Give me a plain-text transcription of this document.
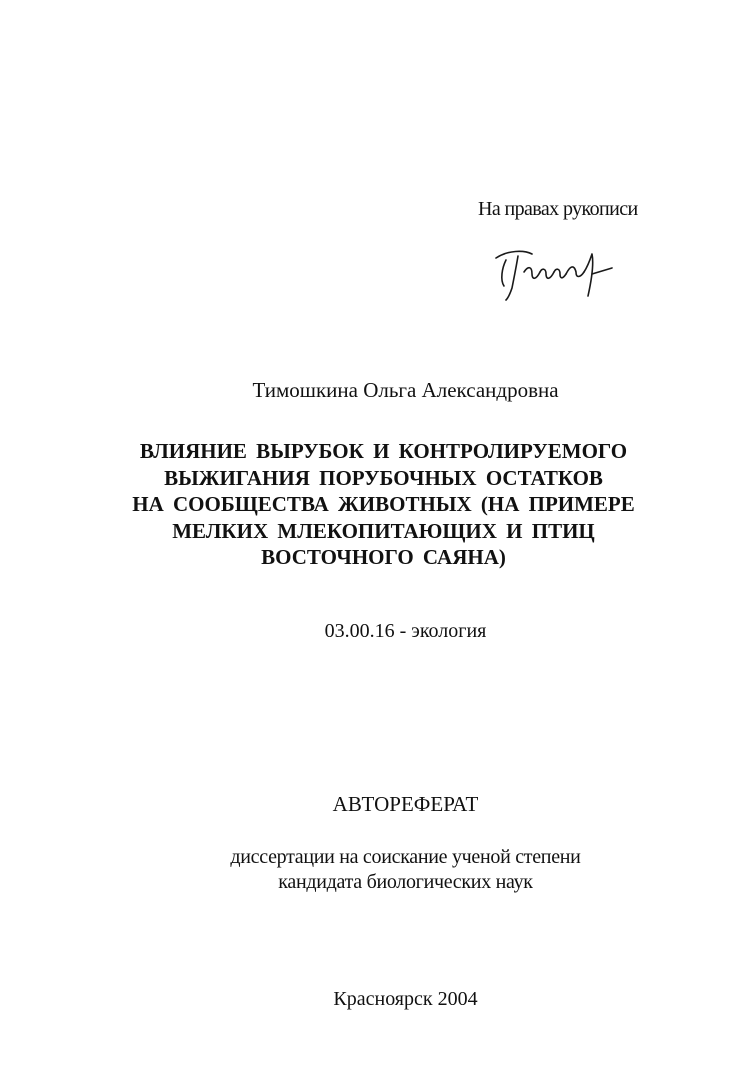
На правах рукописи
Тимошкина Ольга Александровна
ВЛИЯНИЕ ВЫРУБОК И КОНТРОЛИРУЕМОГО
ВЫЖИГАНИЯ ПОРУБОЧНЫХ ОСТАТКОВ
НА СООБЩЕСТВА ЖИВОТНЫХ (НА ПРИМЕРЕ
МЕЛКИХ МЛЕКОПИТАЮЩИХ И ПТИЦ
ВОСТОЧНОГО САЯНА)
03.00.16 - экология
АВТОРЕФЕРАТ
диссертации на соискание ученой степени
кандидата биологических наук
Красноярск 2004
